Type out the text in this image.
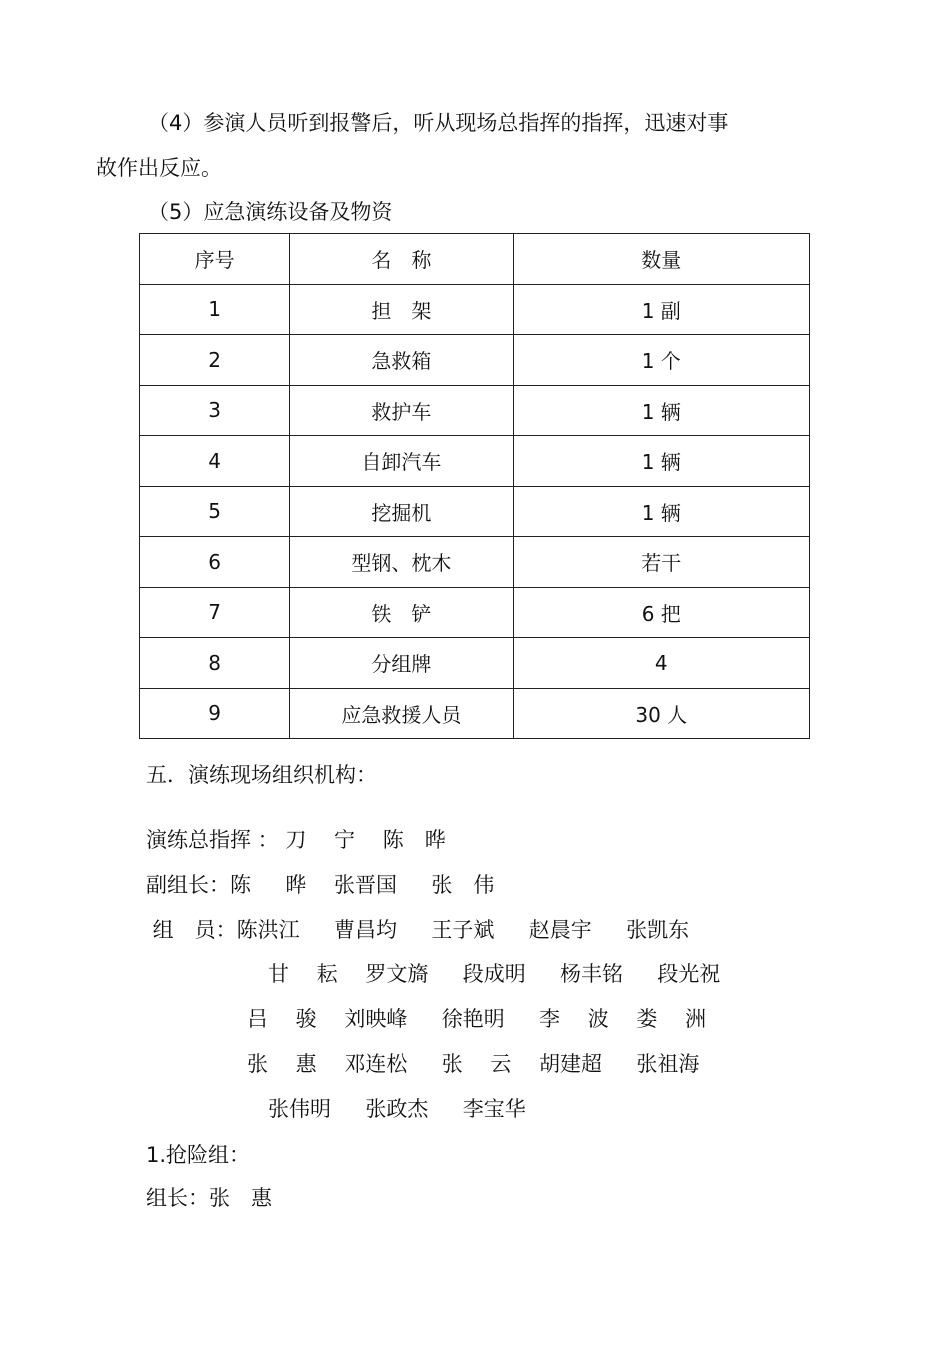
（4）参演人员听到报警后，听从现场总指挥的指挥，迅速对事
故作出反应。
（5）应急演练设备及物资
序号	名　称	数量
1	担　架	1 副
2	急救箱	1 个
3	救护车	1 辆
4	自卸汽车	1 辆
5	挖掘机	1 辆
6	型钢、枕木	若干
7	铁　铲	6 把
8	分组牌	4
9	应急救援人员	30 人
五．演练现场组织机构：
演练总指挥 ： 刀　 宁　 陈　晔
副组长：陈　  晔　 张晋国　  张　伟
组　员：陈洪江　  曹昌均　  王子斌　  赵晨宇　  张凯东
甘　 耘　 罗文旖　  段成明　  杨丰铭　  段光祝
吕　 骏　 刘映峰　  徐艳明　  李　 波　 娄　 洲
张　 惠　 邓连松　  张　 云　 胡建超　  张祖海
张伟明　  张政杰　  李宝华
1.抢险组：
组长：张　惠
